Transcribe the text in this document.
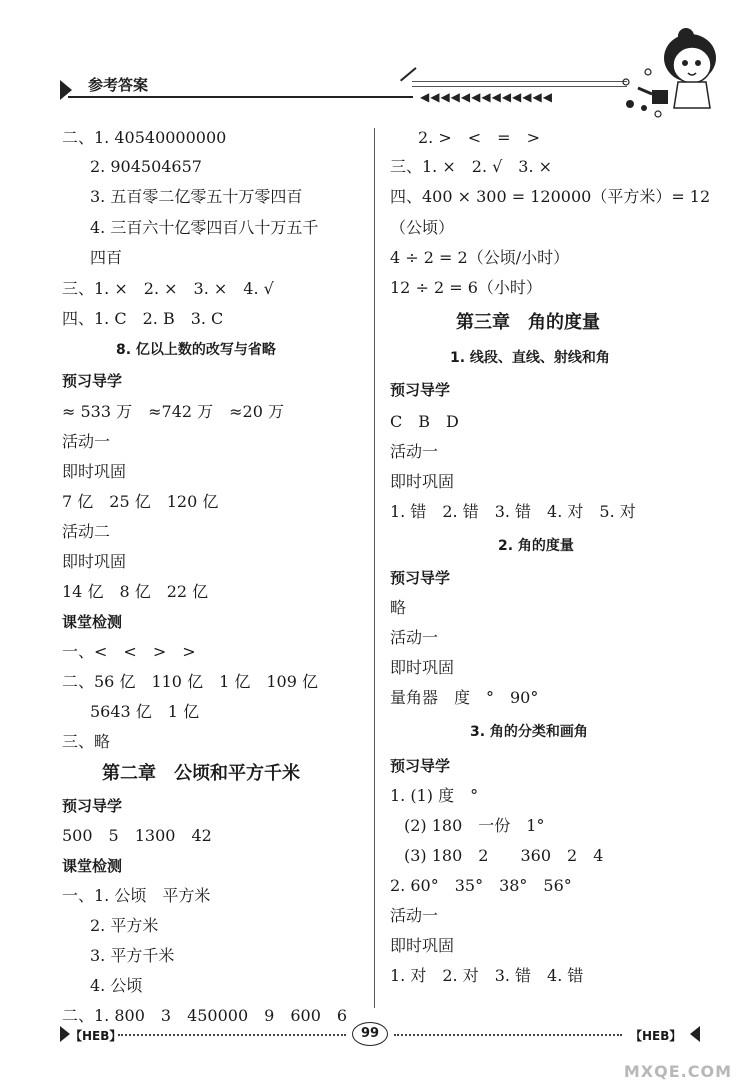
参考答案
◀◀◀◀◀◀◀◀◀◀◀◀◀
二、1. 40540000000
2. 904504657
3. 五百零二亿零五十万零四百
4. 三百六十亿零四百八十万五千
四百
三、1. ×　2. ×　3. ×　4. √
四、1. C　2. B　3. C
8. 亿以上数的改写与省略
预习导学
≈ 533 万　≈742 万　≈20 万
活动一
即时巩固
7 亿　25 亿　120 亿
活动二
即时巩固
14 亿　8 亿　22 亿
课堂检测
一、<　<　>　>
二、56 亿　110 亿　1 亿　109 亿
5643 亿　1 亿
三、略
第二章　公顷和平方千米
预习导学
500　5　1300　42
课堂检测
一、1. 公顷　平方米
2. 平方米
3. 平方千米
4. 公顷
二、1. 800　3　450000　9　600　6
2. >　<　=　>
三、1. ×　2. √　3. ×
四、400 × 300 = 120000（平方米）= 12
（公顷）
4 ÷ 2 = 2（公顷/小时）
12 ÷ 2 = 6（小时）
第三章　角的度量
1. 线段、直线、射线和角
预习导学
C　B　D
活动一
即时巩固
1. 错　2. 错　3. 错　4. 对　5. 对
2. 角的度量
预习导学
略
活动一
即时巩固
量角器　度　°　90°
3. 角的分类和画角
预习导学
1. (1) 度　°
(2) 180　一份　1°
(3) 180　2　　360　2　4
2. 60°　35°　38°　56°
活动一
即时巩固
1. 对　2. 对　3. 错　4. 错
【HEB】	99	【HEB】
MXQE.COM
